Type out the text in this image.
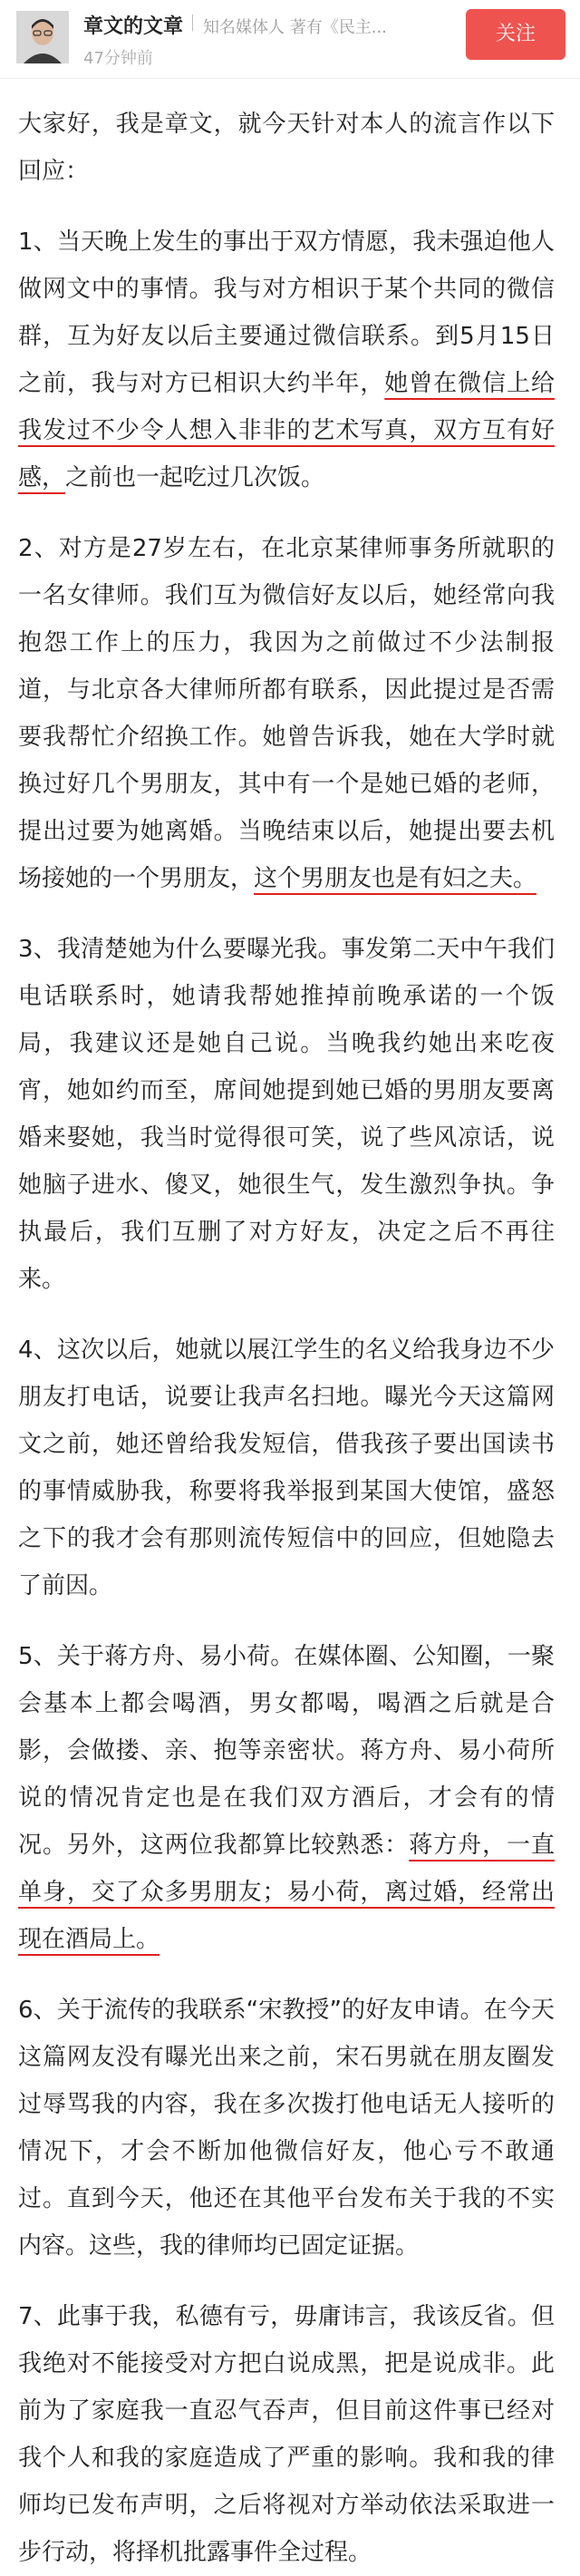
章文的文章 知名媒体人 著有《民主...
47分钟前
关注

大家好，我是章文，就今天针对本人的流言作以下回应：

1、当天晚上发生的事出于双方情愿，我未强迫他人做网文中的事情。我与对方相识于某个共同的微信群，互为好友以后主要通过微信联系。到5月15日之前，我与对方已相识大约半年，她曾在微信上给我发过不少令人想入非非的艺术写真，双方互有好感，之前也一起吃过几次饭。

2、对方是27岁左右，在北京某律师事务所就职的一名女律师。我们互为微信好友以后，她经常向我抱怨工作上的压力，我因为之前做过不少法制报道，与北京各大律师所都有联系，因此提过是否需要我帮忙介绍换工作。她曾告诉我，她在大学时就换过好几个男朋友，其中有一个是她已婚的老师，提出过要为她离婚。当晚结束以后，她提出要去机场接她的一个男朋友，这个男朋友也是有妇之夫。

3、我清楚她为什么要曝光我。事发第二天中午我们电话联系时，她请我帮她推掉前晚承诺的一个饭局，我建议还是她自己说。当晚我约她出来吃夜宵，她如约而至，席间她提到她已婚的男朋友要离婚来娶她，我当时觉得很可笑，说了些风凉话，说她脑子进水、傻叉，她很生气，发生激烈争执。争执最后，我们互删了对方好友，决定之后不再往来。

4、这次以后，她就以展江学生的名义给我身边不少朋友打电话，说要让我声名扫地。曝光今天这篇网文之前，她还曾给我发短信，借我孩子要出国读书的事情威胁我，称要将我举报到某国大使馆，盛怒之下的我才会有那则流传短信中的回应，但她隐去了前因。

5、关于蒋方舟、易小荷。在媒体圈、公知圈，一聚会基本上都会喝酒，男女都喝，喝酒之后就是合影，会做搂、亲、抱等亲密状。蒋方舟、易小荷所说的情况肯定也是在我们双方酒后，才会有的情况。另外，这两位我都算比较熟悉：蒋方舟，一直单身，交了众多男朋友；易小荷，离过婚，经常出现在酒局上。

6、关于流传的我联系“宋教授”的好友申请。在今天这篇网友没有曝光出来之前，宋石男就在朋友圈发过辱骂我的内容，我在多次拨打他电话无人接听的情况下，才会不断加他微信好友，他心亏不敢通过。直到今天，他还在其他平台发布关于我的不实内容。这些，我的律师均已固定证据。

7、此事于我，私德有亏，毋庸讳言，我该反省。但我绝对不能接受对方把白说成黑，把是说成非。此前为了家庭我一直忍气吞声，但目前这件事已经对我个人和我的家庭造成了严重的影响。我和我的律师均已发布声明，之后将视对方举动依法采取进一步行动，将择机批露事件全过程。
